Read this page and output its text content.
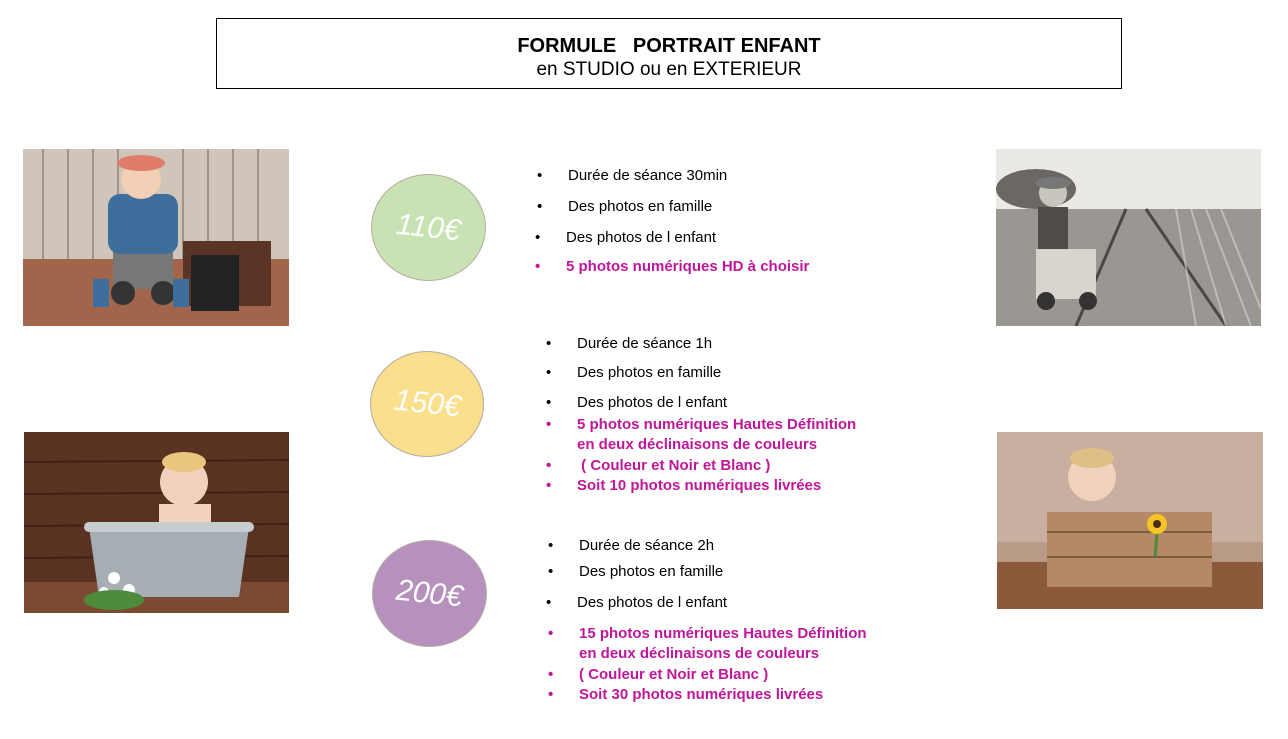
FORMULE   PORTRAIT ENFANT
en STUDIO ou en EXTERIEUR
110€
150€
200€
• Durée de séance 30min
• Des photos en famille
• Des photos de l enfant
• 5 photos numériques HD à choisir
• Durée de séance 1h
• Des photos en famille
• Des photos de l enfant
• 5 photos numériques Hautes Définition
en deux déclinaisons de couleurs
• ( Couleur et Noir et Blanc )
• Soit 10 photos numériques livrées
• Durée de séance 2h
• Des photos en famille
• Des photos de l enfant
• 15 photos numériques Hautes Définition
en deux déclinaisons de couleurs
• ( Couleur et Noir et Blanc )
• Soit 30 photos numériques livrées
